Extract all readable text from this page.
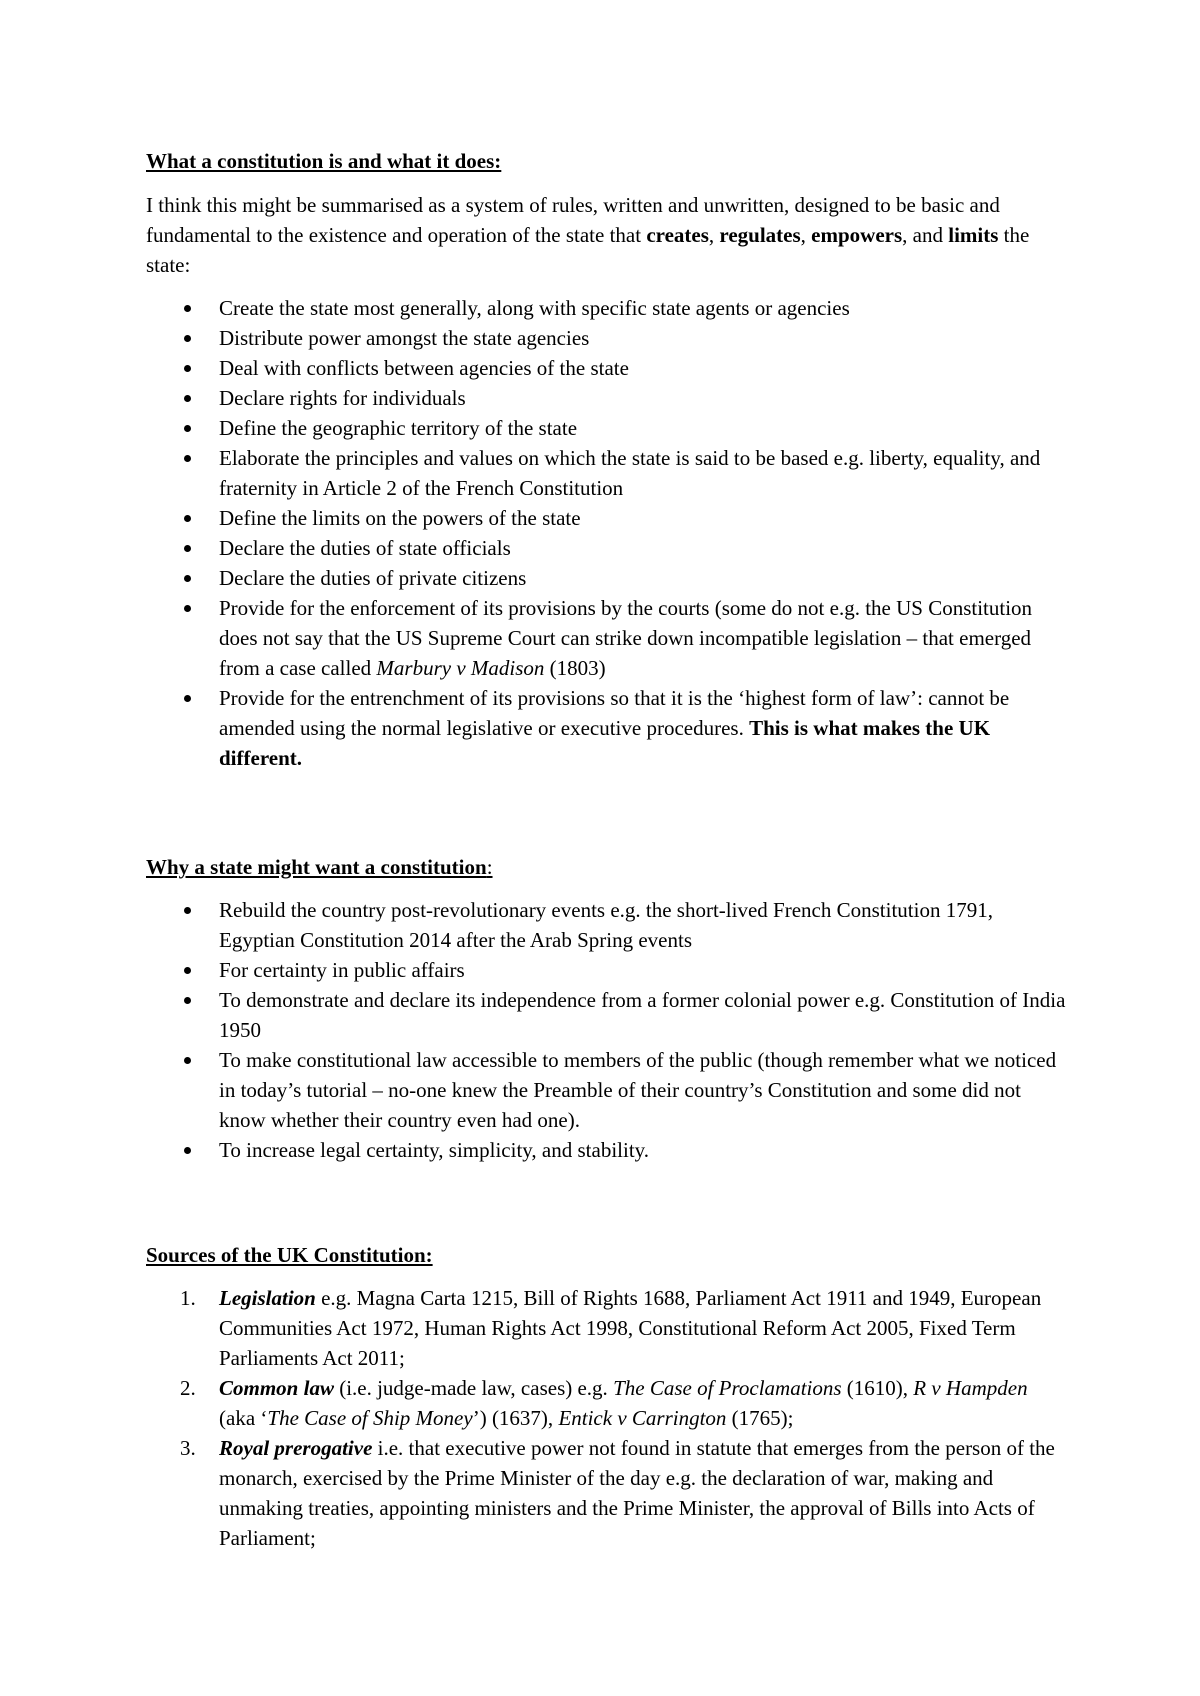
What a constitution is and what it does:

I think this might be summarised as a system of rules, written and unwritten, designed to be basic and fundamental to the existence and operation of the state that creates, regulates, empowers, and limits the state:

Create the state most generally, along with specific state agents or agencies
Distribute power amongst the state agencies
Deal with conflicts between agencies of the state
Declare rights for individuals
Define the geographic territory of the state
Elaborate the principles and values on which the state is said to be based e.g. liberty, equality, and fraternity in Article 2 of the French Constitution
Define the limits on the powers of the state
Declare the duties of state officials
Declare the duties of private citizens
Provide for the enforcement of its provisions by the courts (some do not e.g. the US Constitution does not say that the US Supreme Court can strike down incompatible legislation – that emerged from a case called Marbury v Madison (1803)
Provide for the entrenchment of its provisions so that it is the ‘highest form of law’: cannot be amended using the normal legislative or executive procedures. This is what makes the UK different.

Why a state might want a constitution:

Rebuild the country post-revolutionary events e.g. the short-lived French Constitution 1791, Egyptian Constitution 2014 after the Arab Spring events
For certainty in public affairs
To demonstrate and declare its independence from a former colonial power e.g. Constitution of India 1950
To make constitutional law accessible to members of the public (though remember what we noticed in today’s tutorial – no-one knew the Preamble of their country’s Constitution and some did not know whether their country even had one).
To increase legal certainty, simplicity, and stability.

Sources of the UK Constitution:

1. Legislation e.g. Magna Carta 1215, Bill of Rights 1688, Parliament Act 1911 and 1949, European Communities Act 1972, Human Rights Act 1998, Constitutional Reform Act 2005, Fixed Term Parliaments Act 2011;
2. Common law (i.e. judge-made law, cases) e.g. The Case of Proclamations (1610), R v Hampden (aka ‘The Case of Ship Money’) (1637), Entick v Carrington (1765);
3. Royal prerogative i.e. that executive power not found in statute that emerges from the person of the monarch, exercised by the Prime Minister of the day e.g. the declaration of war, making and unmaking treaties, appointing ministers and the Prime Minister, the approval of Bills into Acts of Parliament;
